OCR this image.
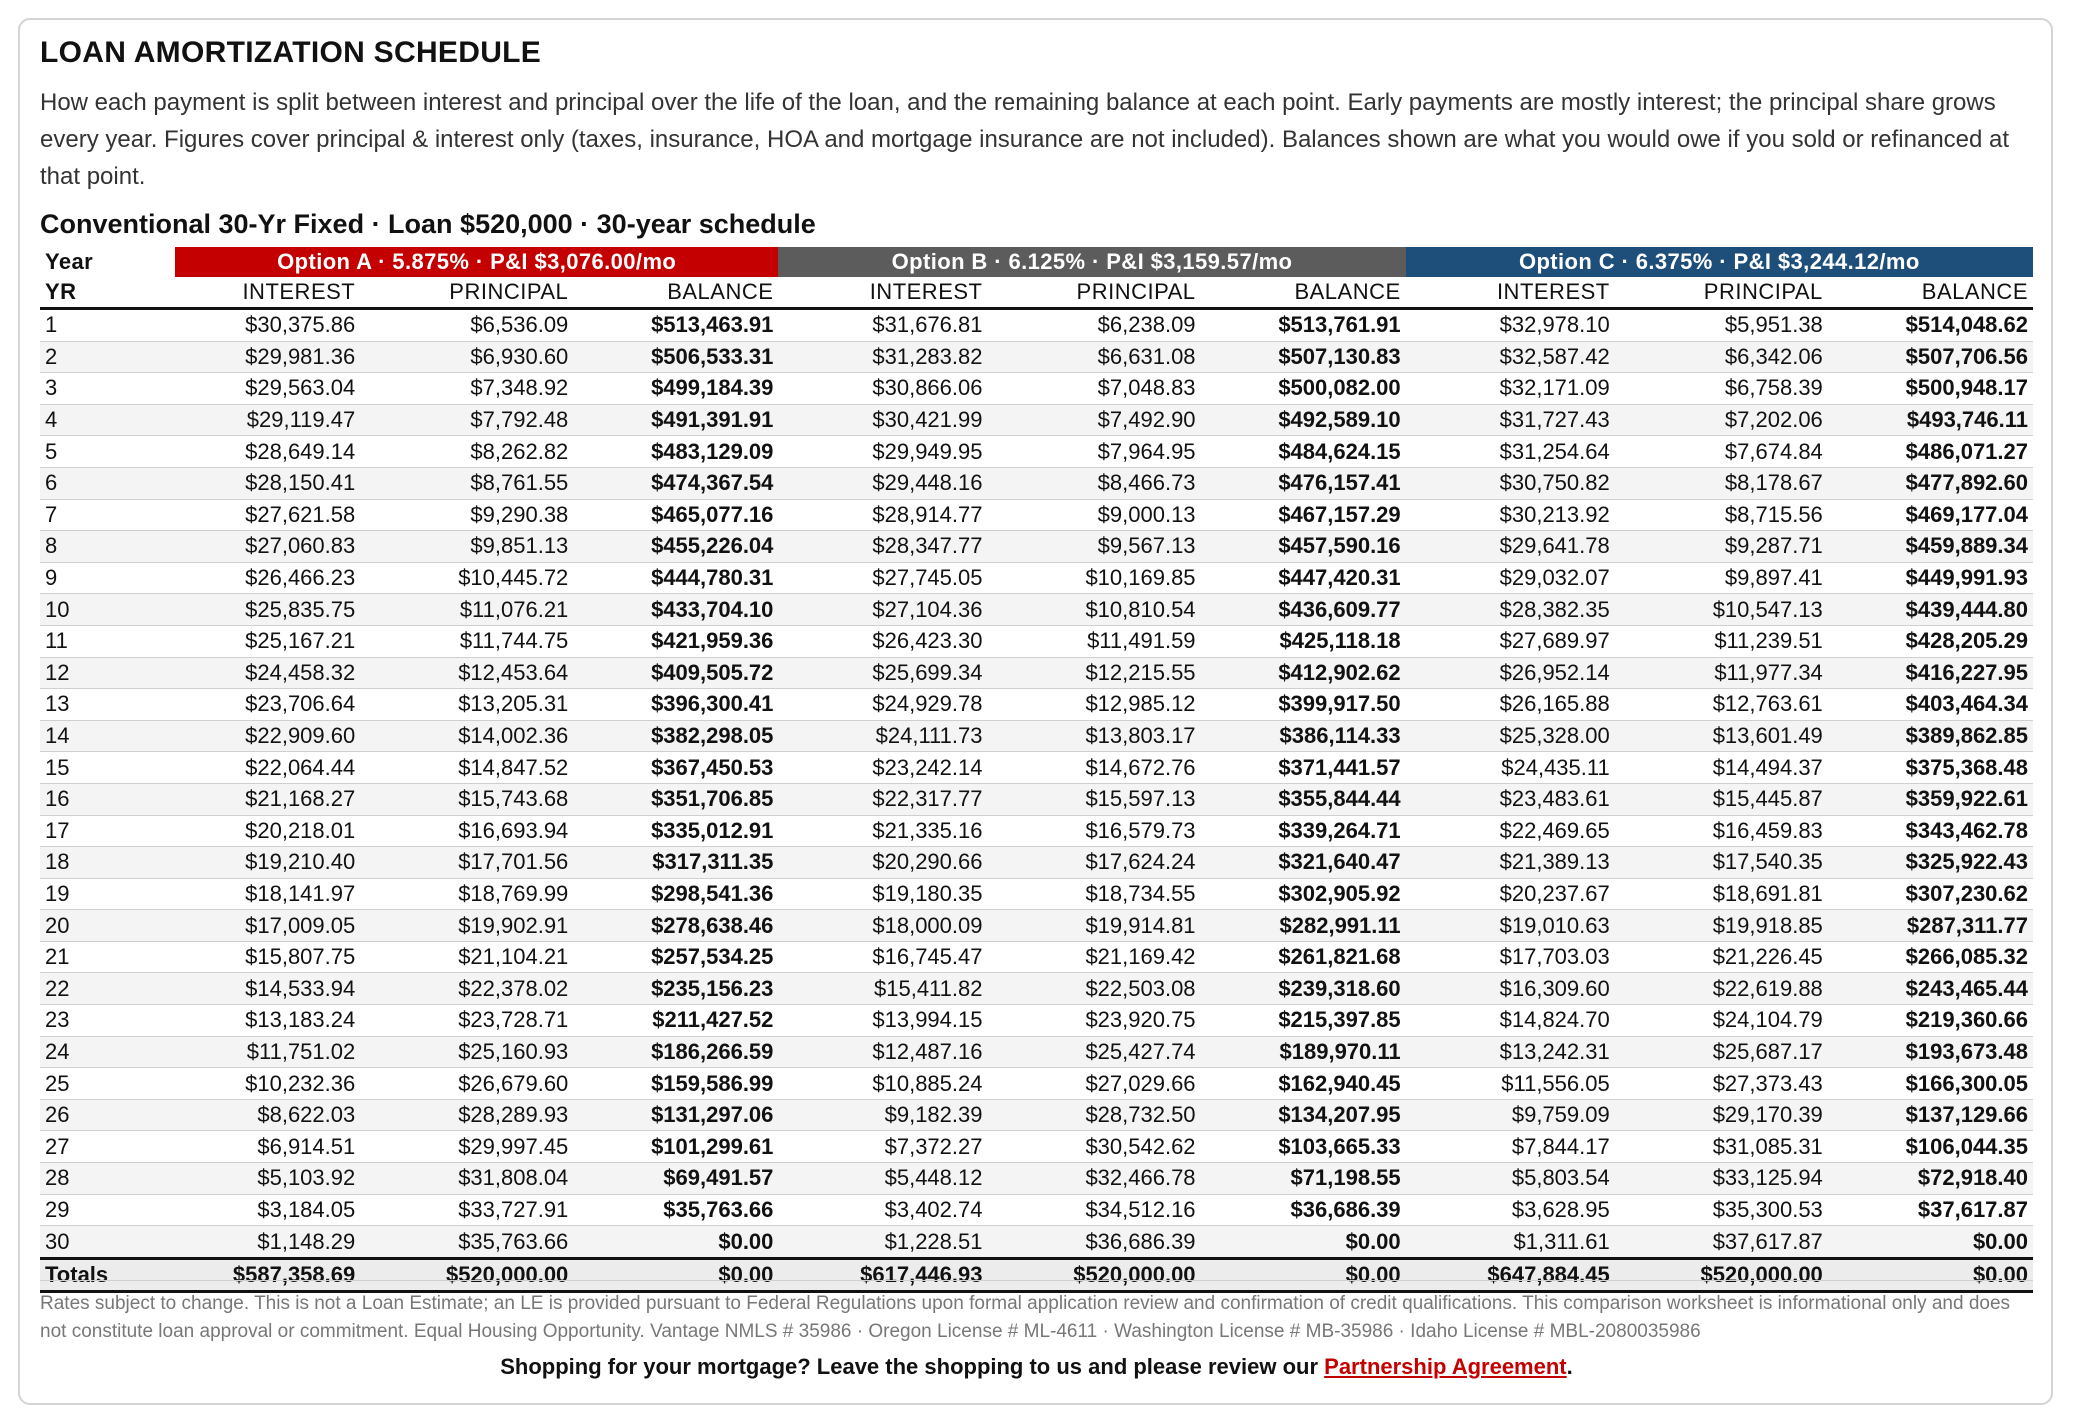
LOAN AMORTIZATION SCHEDULE

How each payment is split between interest and principal over the life of the loan, and the remaining balance at each point. Early payments are mostly interest; the principal share grows every year. Figures cover principal & interest only (taxes, insurance, HOA and mortgage insurance are not included). Balances shown are what you would owe if you sold or refinanced at that point.

Conventional 30-Yr Fixed · Loan $520,000 · 30-year schedule
Year	Option A · 5.875% · P&I $3,076.00/mo			Option B · 6.125% · P&I $3,159.57/mo			Option C · 6.375% · P&I $3,244.12/mo		
YR	INTEREST	PRINCIPAL	BALANCE	INTEREST	PRINCIPAL	BALANCE	INTEREST	PRINCIPAL	BALANCE
1	$30,375.86	$6,536.09	$513,463.91	$31,676.81	$6,238.09	$513,761.91	$32,978.10	$5,951.38	$514,048.62
2	$29,981.36	$6,930.60	$506,533.31	$31,283.82	$6,631.08	$507,130.83	$32,587.42	$6,342.06	$507,706.56
3	$29,563.04	$7,348.92	$499,184.39	$30,866.06	$7,048.83	$500,082.00	$32,171.09	$6,758.39	$500,948.17
4	$29,119.47	$7,792.48	$491,391.91	$30,421.99	$7,492.90	$492,589.10	$31,727.43	$7,202.06	$493,746.11
5	$28,649.14	$8,262.82	$483,129.09	$29,949.95	$7,964.95	$484,624.15	$31,254.64	$7,674.84	$486,071.27
6	$28,150.41	$8,761.55	$474,367.54	$29,448.16	$8,466.73	$476,157.41	$30,750.82	$8,178.67	$477,892.60
7	$27,621.58	$9,290.38	$465,077.16	$28,914.77	$9,000.13	$467,157.29	$30,213.92	$8,715.56	$469,177.04
8	$27,060.83	$9,851.13	$455,226.04	$28,347.77	$9,567.13	$457,590.16	$29,641.78	$9,287.71	$459,889.34
9	$26,466.23	$10,445.72	$444,780.31	$27,745.05	$10,169.85	$447,420.31	$29,032.07	$9,897.41	$449,991.93
10	$25,835.75	$11,076.21	$433,704.10	$27,104.36	$10,810.54	$436,609.77	$28,382.35	$10,547.13	$439,444.80
11	$25,167.21	$11,744.75	$421,959.36	$26,423.30	$11,491.59	$425,118.18	$27,689.97	$11,239.51	$428,205.29
12	$24,458.32	$12,453.64	$409,505.72	$25,699.34	$12,215.55	$412,902.62	$26,952.14	$11,977.34	$416,227.95
13	$23,706.64	$13,205.31	$396,300.41	$24,929.78	$12,985.12	$399,917.50	$26,165.88	$12,763.61	$403,464.34
14	$22,909.60	$14,002.36	$382,298.05	$24,111.73	$13,803.17	$386,114.33	$25,328.00	$13,601.49	$389,862.85
15	$22,064.44	$14,847.52	$367,450.53	$23,242.14	$14,672.76	$371,441.57	$24,435.11	$14,494.37	$375,368.48
16	$21,168.27	$15,743.68	$351,706.85	$22,317.77	$15,597.13	$355,844.44	$23,483.61	$15,445.87	$359,922.61
17	$20,218.01	$16,693.94	$335,012.91	$21,335.16	$16,579.73	$339,264.71	$22,469.65	$16,459.83	$343,462.78
18	$19,210.40	$17,701.56	$317,311.35	$20,290.66	$17,624.24	$321,640.47	$21,389.13	$17,540.35	$325,922.43
19	$18,141.97	$18,769.99	$298,541.36	$19,180.35	$18,734.55	$302,905.92	$20,237.67	$18,691.81	$307,230.62
20	$17,009.05	$19,902.91	$278,638.46	$18,000.09	$19,914.81	$282,991.11	$19,010.63	$19,918.85	$287,311.77
21	$15,807.75	$21,104.21	$257,534.25	$16,745.47	$21,169.42	$261,821.68	$17,703.03	$21,226.45	$266,085.32
22	$14,533.94	$22,378.02	$235,156.23	$15,411.82	$22,503.08	$239,318.60	$16,309.60	$22,619.88	$243,465.44
23	$13,183.24	$23,728.71	$211,427.52	$13,994.15	$23,920.75	$215,397.85	$14,824.70	$24,104.79	$219,360.66
24	$11,751.02	$25,160.93	$186,266.59	$12,487.16	$25,427.74	$189,970.11	$13,242.31	$25,687.17	$193,673.48
25	$10,232.36	$26,679.60	$159,586.99	$10,885.24	$27,029.66	$162,940.45	$11,556.05	$27,373.43	$166,300.05
26	$8,622.03	$28,289.93	$131,297.06	$9,182.39	$28,732.50	$134,207.95	$9,759.09	$29,170.39	$137,129.66
27	$6,914.51	$29,997.45	$101,299.61	$7,372.27	$30,542.62	$103,665.33	$7,844.17	$31,085.31	$106,044.35
28	$5,103.92	$31,808.04	$69,491.57	$5,448.12	$32,466.78	$71,198.55	$5,803.54	$33,125.94	$72,918.40
29	$3,184.05	$33,727.91	$35,763.66	$3,402.74	$34,512.16	$36,686.39	$3,628.95	$35,300.53	$37,617.87
30	$1,148.29	$35,763.66	$0.00	$1,228.51	$36,686.39	$0.00	$1,311.61	$37,617.87	$0.00
Totals	$587,358.69	$520,000.00	$0.00	$617,446.93	$520,000.00	$0.00	$647,884.45	$520,000.00	$0.00

Rates subject to change. This is not a Loan Estimate; an LE is provided pursuant to Federal Regulations upon formal application review and confirmation of credit qualifications. This comparison worksheet is informational only and does not constitute loan approval or commitment. Equal Housing Opportunity. Vantage NMLS # 35986 · Oregon License # ML-4611 · Washington License # MB-35986 · Idaho License # MBL-2080035986

Shopping for your mortgage? Leave the shopping to us and please review our Partnership Agreement.
